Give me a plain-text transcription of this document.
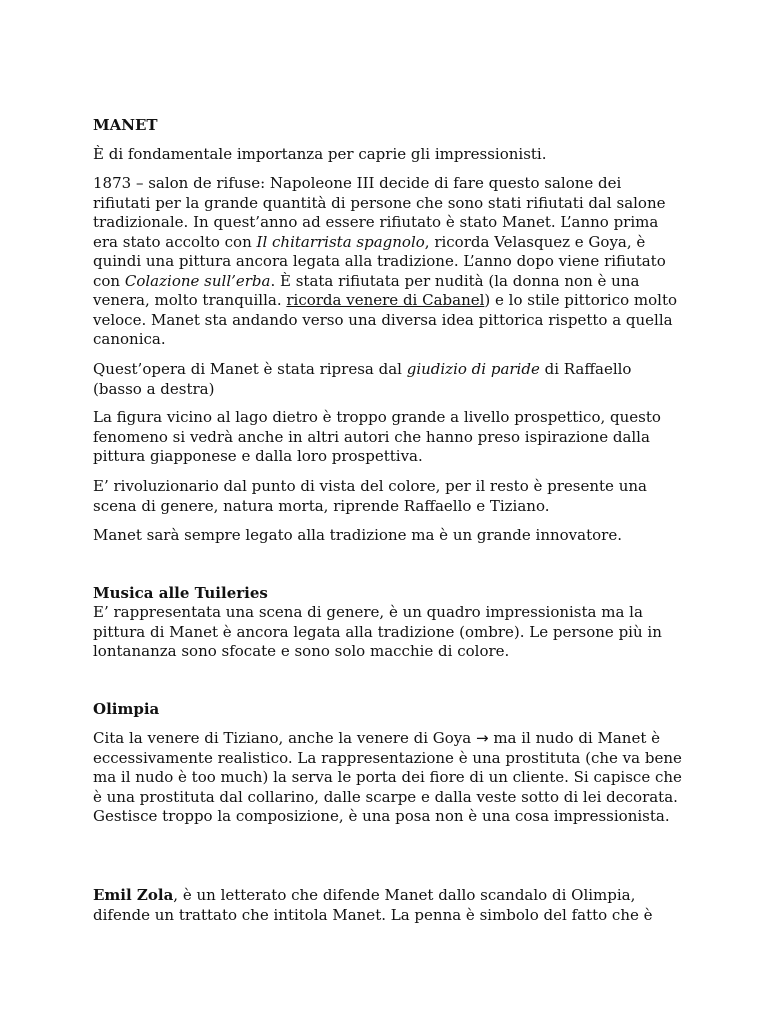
MANET

È di fondamentale importanza per caprie gli impressionisti.

1873 – salon de rifuse: Napoleone III decide di fare questo salone dei rifiutati per la grande quantità di persone che sono stati rifiutati dal salone tradizionale. In quest’anno ad essere rifiutato è stato Manet. L’anno prima era stato accolto con Il chitarrista spagnolo, ricorda Velasquez e Goya, è quindi una pittura ancora legata alla tradizione. L’anno dopo viene rifiutato con Colazione sull’erba. È stata rifiutata per nudità (la donna non è una venera, molto tranquilla. ricorda venere di Cabanel) e lo stile pittorico molto veloce. Manet sta andando verso una diversa idea pittorica rispetto a quella canonica.

Quest’opera di Manet è stata ripresa dal giudizio di paride di Raffaello (basso a destra)

La figura vicino al lago dietro è troppo grande a livello prospettico, questo fenomeno si vedrà anche in altri autori che hanno preso ispirazione dalla pittura giapponese e dalla loro prospettiva.

E’ rivoluzionario dal punto di vista del colore, per il resto è presente una scena di genere, natura morta, riprende Raffaello e Tiziano.

Manet sarà sempre legato alla tradizione ma è un grande innovatore.

Musica alle Tuileries

E’ rappresentata una scena di genere, è un quadro impressionista ma la pittura di Manet è ancora legata alla tradizione (ombre). Le persone più in lontananza sono sfocate e sono solo macchie di colore.

Olimpia

Cita la venere di Tiziano, anche la venere di Goya → ma il nudo di Manet è eccessivamente realistico. La rappresentazione è una prostituta (che va bene ma il nudo è too much) la serva le porta dei fiore di un cliente. Si capisce che è una prostituta dal collarino, dalle scarpe e dalla veste sotto di lei decorata. Gestisce troppo la composizione, è una posa non è una cosa impressionista.

Emil Zola, è un letterato che difende Manet dallo scandalo di Olimpia, difende un trattato che intitola Manet. La penna è simbolo del fatto che è
